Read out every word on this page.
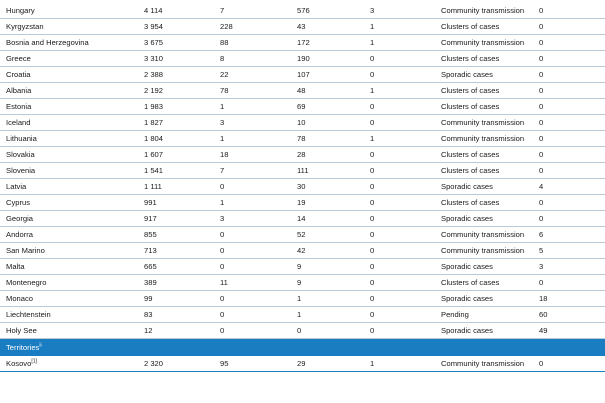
Hungary	4 114	7	576	3	Community transmission 0
Kyrgyzstan	3 954	228	43	1	Clusters of cases	0
Bosnia and Herzegovina	3 675	88	172	1	Community transmission 0
Greece	3 310	8	190	0	Clusters of cases	0
Croatia	2 388	22	107	0	Sporadic cases	0
Albania	2 192	78	48	1	Clusters of cases	0
Estonia	1 983	1	69	0	Clusters of cases	0
Iceland	1 827	3	10	0	Community transmission 0
Lithuania	1 804	1	78	1	Community transmission 0
Slovakia	1 607	18	28	0	Clusters of cases	0
Slovenia	1 541	7	111	0	Clusters of cases	0
Latvia	1 111	0	30	0	Sporadic cases	4
Cyprus	991	1	19	0	Clusters of cases	0
Georgia	917	3	14	0	Sporadic cases	0
Andorra	855	0	52	0	Community transmission 6
San Marino	713	0	42	0	Community transmission 5
Malta	665	0	9	0	Sporadic cases	3
Montenegro	389	11	9	0	Clusters of cases	0
Monaco	99	0	1	0	Sporadic cases	18
Liechtenstein	83	0	1	0	Pending	60
Holy See	12	0	0	0	Sporadic cases	49
Territories$^{ii}$
Kosovo[1]	2 320	95	29	1	Community transmission 0
